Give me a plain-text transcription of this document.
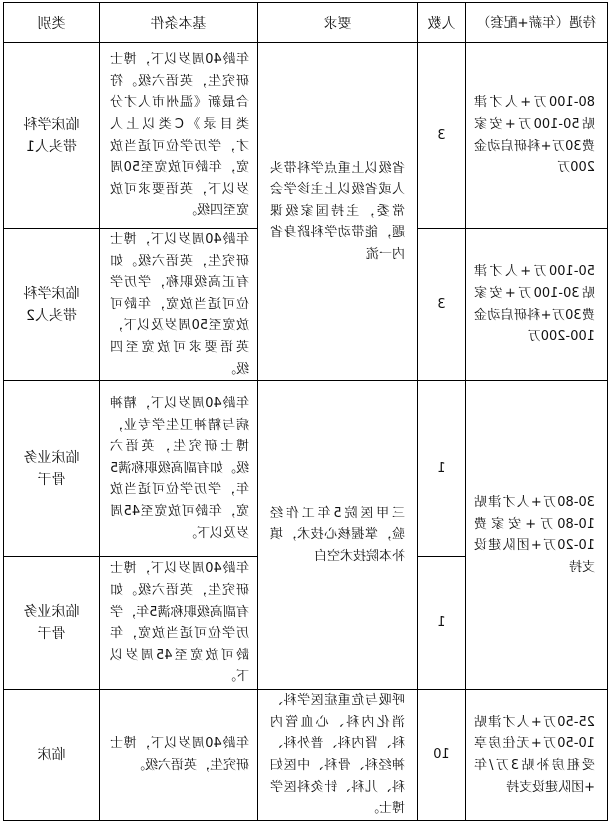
待遇（年薪+配套）	人数	要求	基本条件	类别
80-100万+人才津贴50-100万+安家费30万+科研启动金200万	3	省级以上重点学科带头人或省级以上主诊学会常委，主持国家级课题，能带动学科跻身省内一流	年龄40周岁以下，博士研究生，英语六级。符合最新《温州市人才分类目录》C类以上人才，学历学位可适当放宽，年龄可放宽至50周岁以下，英语要求可放宽至四级。	临床学科带头人1
50-100万+人才津贴30-100万+安家费30万+科研启动金100-200万	3		年龄40周岁以下，博士研究生，英语六级。如有正高级职称，学历学位可适当放宽，年龄可放宽至50周岁及以下，英语要求可放宽至四级。	临床学科带头人2
30-80万+人才津贴10-80万+安家费10-20万+团队建设支持	1	三甲医院5年工作经验，掌握核心技术，填补本院技术空白	年龄40周岁以下，精神病与精神卫生学专业，博士研究生，英语六级。如有副高级职称满5年，学历学位可适当放宽，年龄可放宽至45周岁及以下。	临床业务骨干
	1		年龄40周岁以下，博士研究生，英语六级。如有副高级职称满5年，学历学位可适当放宽，年龄可放宽至45周岁以下。	临床业务骨干
25-50万+人才津贴10-50万+无住房享受租房补贴3万/年+团队建设支持	10	呼吸与危重症医学科、消化内科、心血管内科、肾内科、普外科、神经科、骨科、中医妇科、儿科、针灸科医学博士。	年龄40周岁以下，博士研究生，英语六级。	临床
